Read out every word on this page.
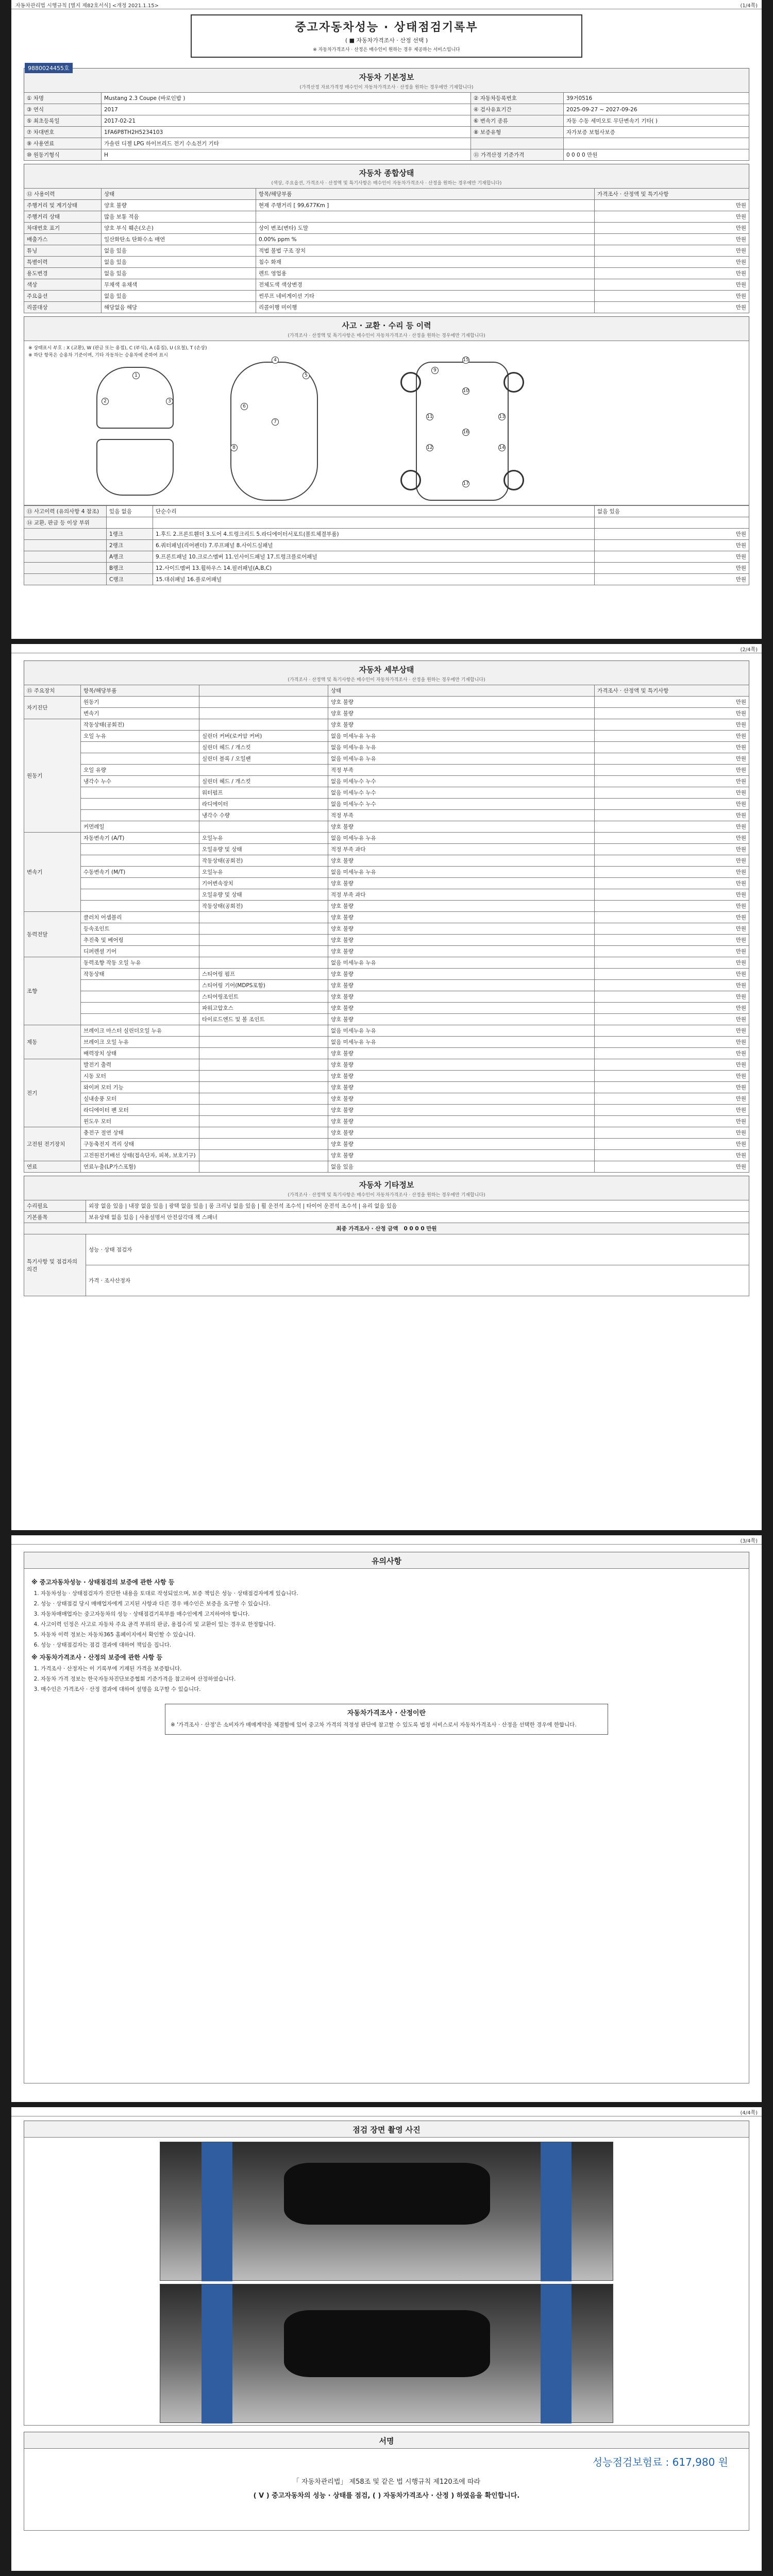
자동차관리법 시행규칙 [별지 제82호서식] <개정 2021.1.15>	(1/4쪽)
중고자동차성능 · 상태점검기록부
( ■ 자동차가격조사 · 산정 선택 )
※ 자동차가격조사 · 산정은 매수인이 원하는 경우 제공하는 서비스입니다
9880024455호
자동차 기본정보

(가격산정 자료가격정 매수인이 자동차가격조사 · 산정을 원하는 경우에만 기재합니다)

① 차명	Mustang 2.3 Coupe (바로인밥 )	② 자동차등록번호	39거0516
③ 연식	2017	④ 검사유효기간	2025-09-27 ~ 2027-09-26
⑤ 최초등록일	2017-02-21	⑥ 변속기 종류	자동 수동 세미오토 무단변속기 기타( )
⑦ 차대번호	1FA6P8TH2H5234103	⑧ 보증유형	자가보증 보험사보증
⑨ 사용연료	가솔린 디젤 LPG 하이브리드 전기 수소전기 기타		
⑩ 원동기형식	H	⑪ 가격산정 기준가격	0 0 0 0 만원
자동차 종합상태

(색상, 주요옵션, 가격조사 · 산정액 및 특기사항은 매수인이 자동차가격조사 · 산정을 원하는 경우에만 기재합니다)

⑫ 사용이력	상태	항목/해당부품	가격조사 · 산정액 및 특기사항
주행거리 및 계기상태	양호 불량	현재 주행거리 [ 99,677Km ]	만원
주행거리 상태	많음 보통 적음		만원
차대번호 표기	양호 부식 훼손(오손)	상이 변조(변타) 도말	만원
배출가스	일산화탄소 탄화수소 매연	0.00% ppm %	만원
튜닝	없음 있음	적법 불법 구조 장치	만원
특별이력	없음 있음	침수 화재	만원
용도변경	없음 있음	렌트 영업용	만원
색상	무채색 유채색	전체도색 색상변경	만원
주요옵션	없음 있음	썬루프 네비게이션 기타	만원
리콜대상	해당없음 해당	리콜이행 미이행	만원
사고 · 교환 · 수리 등 이력

(가격조사 · 산정액 및 특기사항은 매수인이 자동차가격조사 · 산정을 원하는 경우에만 기재합니다)

※ 상태표시 부호 : X (교환), W (판금 또는 용접), C (부식), A (흠집), U (요철), T (손상)
※ 하단 항목은 승용차 기준이며, 기타 자동차는 승용차에 준하여 표시
1
2	3
4
5
6
7
8
9
10
11
12
13
14
15
16
17
⑬ 사고이력 (유의사항 4 참조)	있음 없음	단순수리	없음 있음
⑭ 교환, 판금 등 이상 부위			
	1랭크	1.후드 2.프론트휀더 3.도어 4.트렁크리드 5.라디에이터서포트(볼트체결부품)	만원
	2랭크	6.쿼터패널(리어펜더) 7.루프패널 8.사이드실패널	만원
	A랭크	9.프론트패널 10.크로스멤버 11.인사이드패널 17.트렁크플로어패널	만원
	B랭크	12.사이드멤버 13.휠하우스 14.필러패널(A,B,C)	만원
	C랭크	15.대쉬패널 16.플로어패널	만원
(2/4쪽)
자동차 세부상태

(가격조사 · 산정액 및 특기사항은 매수인이 자동차가격조사 · 산정을 원하는 경우에만 기재합니다)

⑮ 주요장치	항목/해당부품		상태	가격조사 · 산정액 및 특기사항
자기진단	원동기		양호 불량	만원
	변속기		양호 불량	만원
원동기	작동상태(공회전)		양호 불량	만원
	오일 누유	실린더 커버(로커암 커버)	없음 미세누유 누유	만원
		실린더 헤드 / 개스킷	없음 미세누유 누유	만원
		실린더 블록 / 오일팬	없음 미세누유 누유	만원
	오일 유량		적정 부족	만원
	냉각수 누수	실린더 헤드 / 개스킷	없음 미세누수 누수	만원
		워터펌프	없음 미세누수 누수	만원
		라디에이터	없음 미세누수 누수	만원
		냉각수 수량	적정 부족	만원
	커먼레일		양호 불량	만원
변속기	자동변속기 (A/T)	오일누유	없음 미세누유 누유	만원
		오일유량 및 상태	적정 부족 과다	만원
		작동상태(공회전)	양호 불량	만원
	수동변속기 (M/T)	오일누유	없음 미세누유 누유	만원
		기어변속장치	양호 불량	만원
		오일유량 및 상태	적정 부족 과다	만원
		작동상태(공회전)	양호 불량	만원
동력전달	클러치 어셈블리		양호 불량	만원
	등속조인트		양호 불량	만원
	추진축 및 베어링		양호 불량	만원
	디퍼렌셜 기어		양호 불량	만원
조향	동력조향 작동 오일 누유		없음 미세누유 누유	만원
	작동상태	스티어링 펌프	양호 불량	만원
		스티어링 기어(MDPS포함)	양호 불량	만원
		스티어링조인트	양호 불량	만원
		파워고압호스	양호 불량	만원
		타이로드엔드 및 볼 조인트	양호 불량	만원
제동	브레이크 마스터 실린더오일 누유		없음 미세누유 누유	만원
	브레이크 오일 누유		없음 미세누유 누유	만원
	배력장치 상태		양호 불량	만원
전기	발전기 출력		양호 불량	만원
	시동 모터		양호 불량	만원
	와이퍼 모터 기능		양호 불량	만원
	실내송풍 모터		양호 불량	만원
	라디에이터 팬 모터		양호 불량	만원
	윈도우 모터		양호 불량	만원
고전원 전기장치	충전구 절연 상태		양호 불량	만원
	구동축전지 격리 상태		양호 불량	만원
	고전원전기배선 상태(접속단자, 피복, 보호기구)		양호 불량	만원
연료	연료누출(LP가스포함)		없음 있음	만원
자동차 기타정보

(가격조사 · 산정액 및 특기사항은 매수인이 자동차가격조사 · 산정을 원하는 경우에만 기재합니다)

수리필요	외장 없음 있음 | 내장 없음 있음 | 광택 없음 있음 | 룸 크리닝 없음 있음 | 휠 운전석 조수석 | 타이어 운전석 조수석 | 유리 없음 있음
기본품목	보유상태 없음 있음 | 사용설명서 안전삼각대 잭 스패너
최종 가격조사 · 산정 금액 0 0 0 0 만원	
특기사항 및 점검자의 의견	성능 · 상태 점검자
	가격 · 조사산정자
(3/4쪽)
유의사항
※ 중고자동차성능 · 상태점검의 보증에 관한 사항 등
1. 자동차성능 · 상태점검자가 진단한 내용을 토대로 작성되었으며, 보증 책임은 성능 · 상태점검자에게 있습니다.
2. 성능 · 상태점검 당시 매매업자에게 고지된 사항과 다른 경우 매수인은 보증을 요구할 수 있습니다.
3. 자동차매매업자는 중고자동차의 성능 · 상태점검기록부를 매수인에게 고지하여야 합니다.
4. 사고이력 인정은 사고로 자동차 주요 골격 부위의 판금, 용접수리 및 교환이 있는 경우로 한정합니다.
5. 자동차 이력 정보는 자동차365 홈페이지에서 확인할 수 있습니다.
6. 성능 · 상태점검자는 점검 결과에 대하여 책임을 집니다.
※ 자동차가격조사 · 산정의 보증에 관한 사항 등
1. 가격조사 · 산정자는 이 기록부에 기재된 가격을 보증합니다.
2. 자동차 가격 정보는 한국자동차진단보증협회 기준가격을 참고하여 산정하였습니다.
3. 매수인은 가격조사 · 산정 결과에 대하여 설명을 요구할 수 있습니다.
자동차가격조사 · 산정이란
※ '가격조사 · 산정'은 소비자가 매매계약을 체결함에 있어 중고차 가격의 적정성 판단에 참고할 수 있도록 법정 서비스로서 자동차가격조사 · 산정을 선택한 경우에 한합니다.
(4/4쪽)
점검 장면 촬영 사진
서명
성능점검보험료 : 617,980 원
「 자동차관리법」 제58조 및 같은 법 시행규칙 제120조에 따라
( V ) 중고자동차의 성능 · 상태를 점검, ( ) 자동차가격조사 · 산정 ) 하였음을 확인합니다.
